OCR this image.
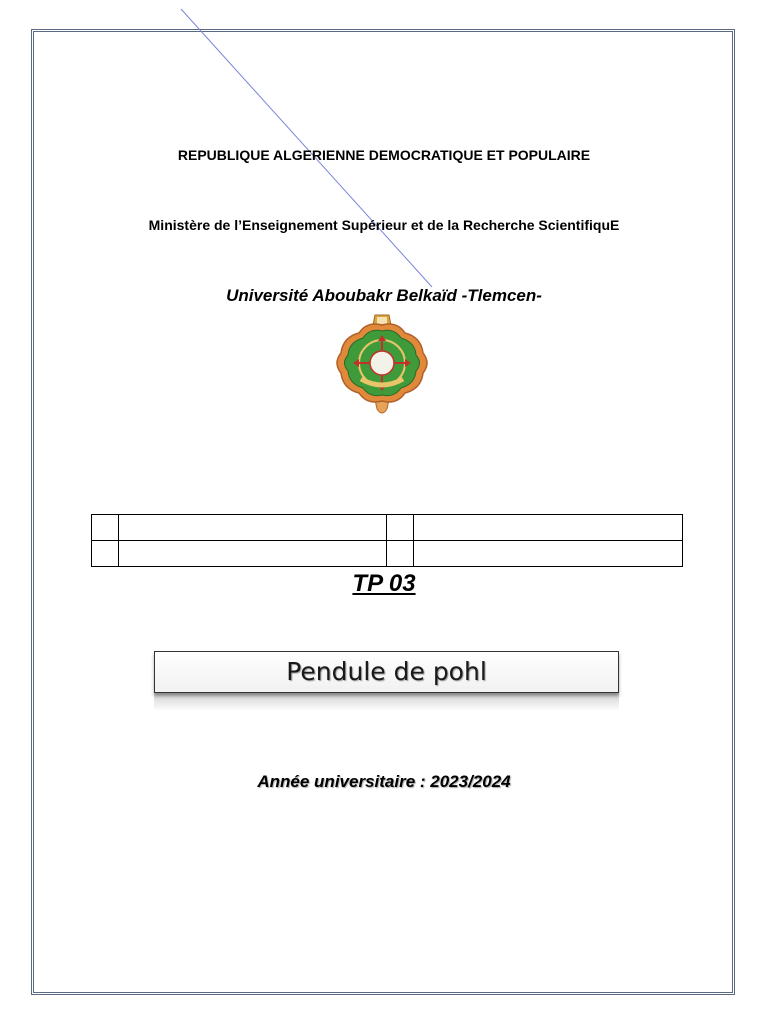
REPUBLIQUE ALGERIENNE DEMOCRATIQUE ET POPULAIRE
Ministère de l’Enseignement Supérieur et de la Recherche ScientifiquE
Université Aboubakr Belkaïd -Tlemcen-

TP 03
Pendule de pohl
Année universitaire : 2023/2024
